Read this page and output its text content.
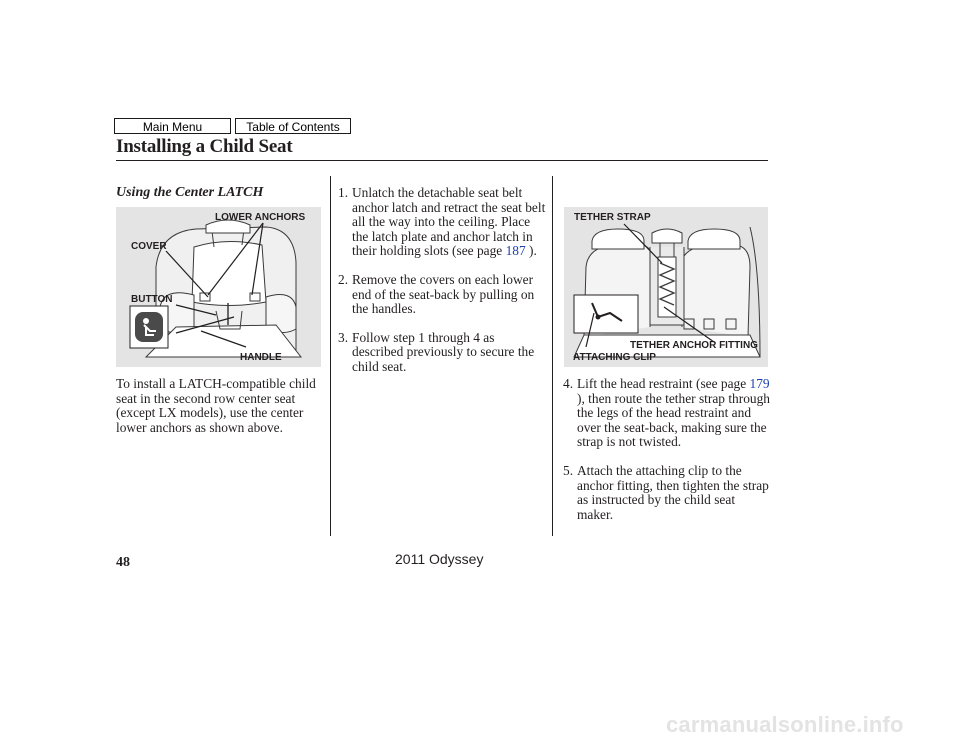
Main Menu	Table of Contents
Installing a Child Seat
Using the Center LATCH
LOWER ANCHORS
COVER
BUTTON
HANDLE
To install a LATCH-compatible child seat in the second row center seat (except LX models), use the center lower anchors as shown above.
1. Unlatch the detachable seat belt anchor latch and retract the seat belt all the way into the ceiling. Place the latch plate and anchor latch in their holding slots (see page 187 ).
2. Remove the covers on each lower end of the seat-back by pulling on the handles.
3. Follow step 1 through 4 as described previously to secure the child seat.
TETHER STRAP
TETHER ANCHOR FITTING
ATTACHING CLIP
4. Lift the head restraint (see page 179 ), then route the tether strap through the legs of the head restraint and over the seat-back, making sure the strap is not twisted.
5. Attach the attaching clip to the anchor fitting, then tighten the strap as instructed by the child seat maker.
48	2011 Odyssey
carmanualsonline.info
